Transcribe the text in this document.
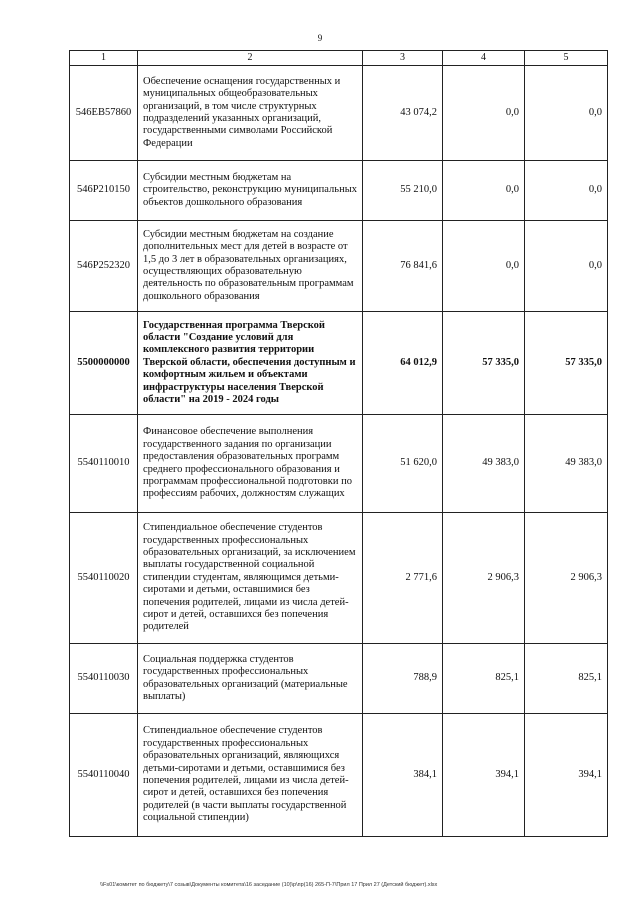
9
1	2	3	4	5
546EB57860	Обеспечение оснащения государственных и муниципальных общеобразовательных организаций, в том числе структурных подразделений указанных организаций, государственными символами Российской Федерации	43 074,2	0,0	0,0
546P210150	Субсидии местным бюджетам на строительство, реконструкцию муниципальных объектов дошкольного образования	55 210,0	0,0	0,0
546P252320	Субсидии местным бюджетам на создание дополнительных мест для детей в возрасте от 1,5 до 3 лет в образовательных организациях, осуществляющих образовательную деятельность по образовательным программам дошкольного образования	76 841,6	0,0	0,0
5500000000	Государственная программа Тверской области "Создание условий для комплексного развития территории Тверской области, обеспечения доступным и комфортным жильем и объектами инфраструктуры населения Тверской области" на 2019 - 2024 годы	64 012,9	57 335,0	57 335,0
5540110010	Финансовое обеспечение выполнения государственного задания по организации предоставления образовательных программ среднего профессионального образования и программам профессиональной подготовки по профессиям рабочих, должностям служащих	51 620,0	49 383,0	49 383,0
5540110020	Стипендиальное обеспечение студентов государственных профессиональных образовательных организаций, за исключением выплаты государственной социальной стипендии студентам, являющимся детьми-сиротами и детьми, оставшимися без попечения родителей, лицами из числа детей-сирот и детей, оставшихся без попечения родителей	2 771,6	2 906,3	2 906,3
5540110030	Социальная поддержка студентов государственных профессиональных образовательных организаций (материальные выплаты)	788,9	825,1	825,1
5540110040	Стипендиальное обеспечение студентов государственных профессиональных образовательных организаций, являющихся детьми-сиротами и детьми, оставшимися без попечения родителей, лицами из числа детей-сирот и детей, оставшихся без попечения родителей (в части выплаты государственной социальной стипендии)	384,1	394,1	394,1
\\Fs01\комитет по бюджету\7 созыв\Документы комитета\16 заседание (10)\р\пр(16) 265-П-7\Прил 17 Прил 27 (Детский бюджет).xlsx
